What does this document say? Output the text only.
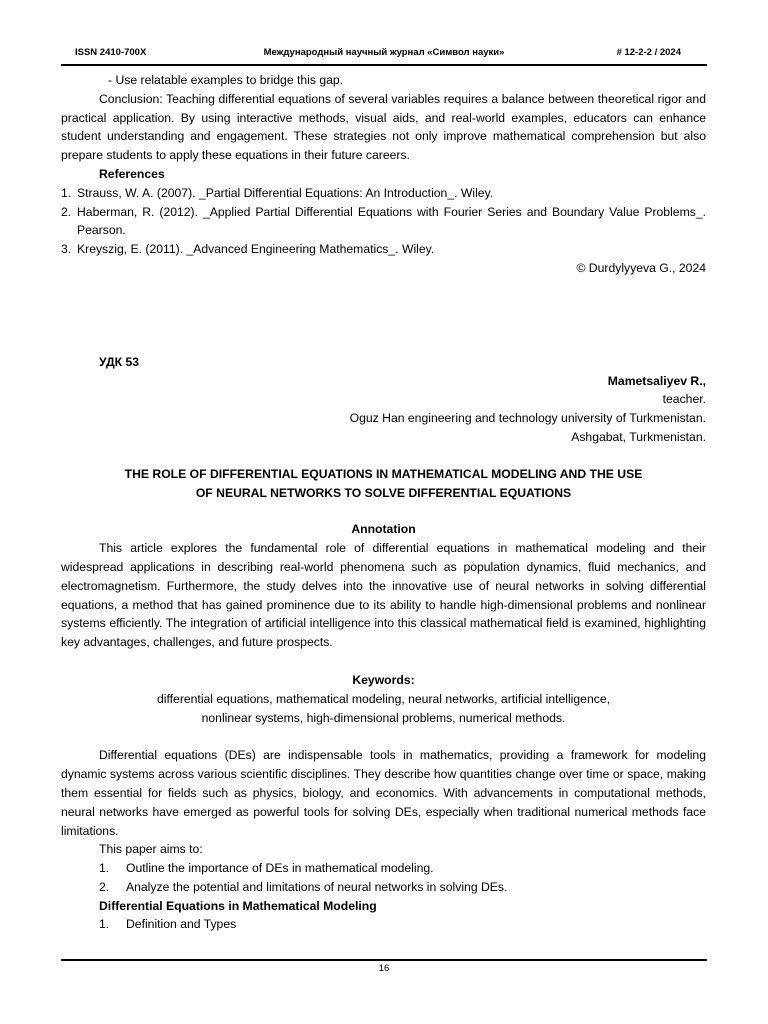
ISSN 2410-700X	Международный научный журнал «Символ науки»	# 12-2-2 / 2024

- Use relatable examples to bridge this gap.

Conclusion: Teaching differential equations of several variables requires a balance between theoretical rigor and practical application. By using interactive methods, visual aids, and real-world examples, educators can enhance student understanding and engagement. These strategies not only improve mathematical comprehension but also prepare students to apply these equations in their future careers.

References

1. Strauss, W. A. (2007). _Partial Differential Equations: An Introduction_. Wiley.
2. Haberman, R. (2012). _Applied Partial Differential Equations with Fourier Series and Boundary Value Problems_. Pearson.
3. Kreyszig, E. (2011). _Advanced Engineering Mathematics_. Wiley.

© Durdylyyeva G., 2024

УДК 53

Mametsaliyev R.,

teacher.

Oguz Han engineering and technology university of Turkmenistan.

Ashgabat, Turkmenistan.

THE ROLE OF DIFFERENTIAL EQUATIONS IN MATHEMATICAL MODELING AND THE USE

OF NEURAL NETWORKS TO SOLVE DIFFERENTIAL EQUATIONS

Annotation

This article explores the fundamental role of differential equations in mathematical modeling and their widespread applications in describing real-world phenomena such as population dynamics, fluid mechanics, and electromagnetism. Furthermore, the study delves into the innovative use of neural networks in solving differential equations, a method that has gained prominence due to its ability to handle high-dimensional problems and nonlinear systems efficiently. The integration of artificial intelligence into this classical mathematical field is examined, highlighting key advantages, challenges, and future prospects.

Keywords:

differential equations, mathematical modeling, neural networks, artificial intelligence,

nonlinear systems, high-dimensional problems, numerical methods.

Differential equations (DEs) are indispensable tools in mathematics, providing a framework for modeling dynamic systems across various scientific disciplines. They describe how quantities change over time or space, making them essential for fields such as physics, biology, and economics. With advancements in computational methods, neural networks have emerged as powerful tools for solving DEs, especially when traditional numerical methods face limitations.

This paper aims to:

1.	Outline the importance of DEs in mathematical modeling.
2.	Analyze the potential and limitations of neural networks in solving DEs.

Differential Equations in Mathematical Modeling

1.	Definition and Types
16
